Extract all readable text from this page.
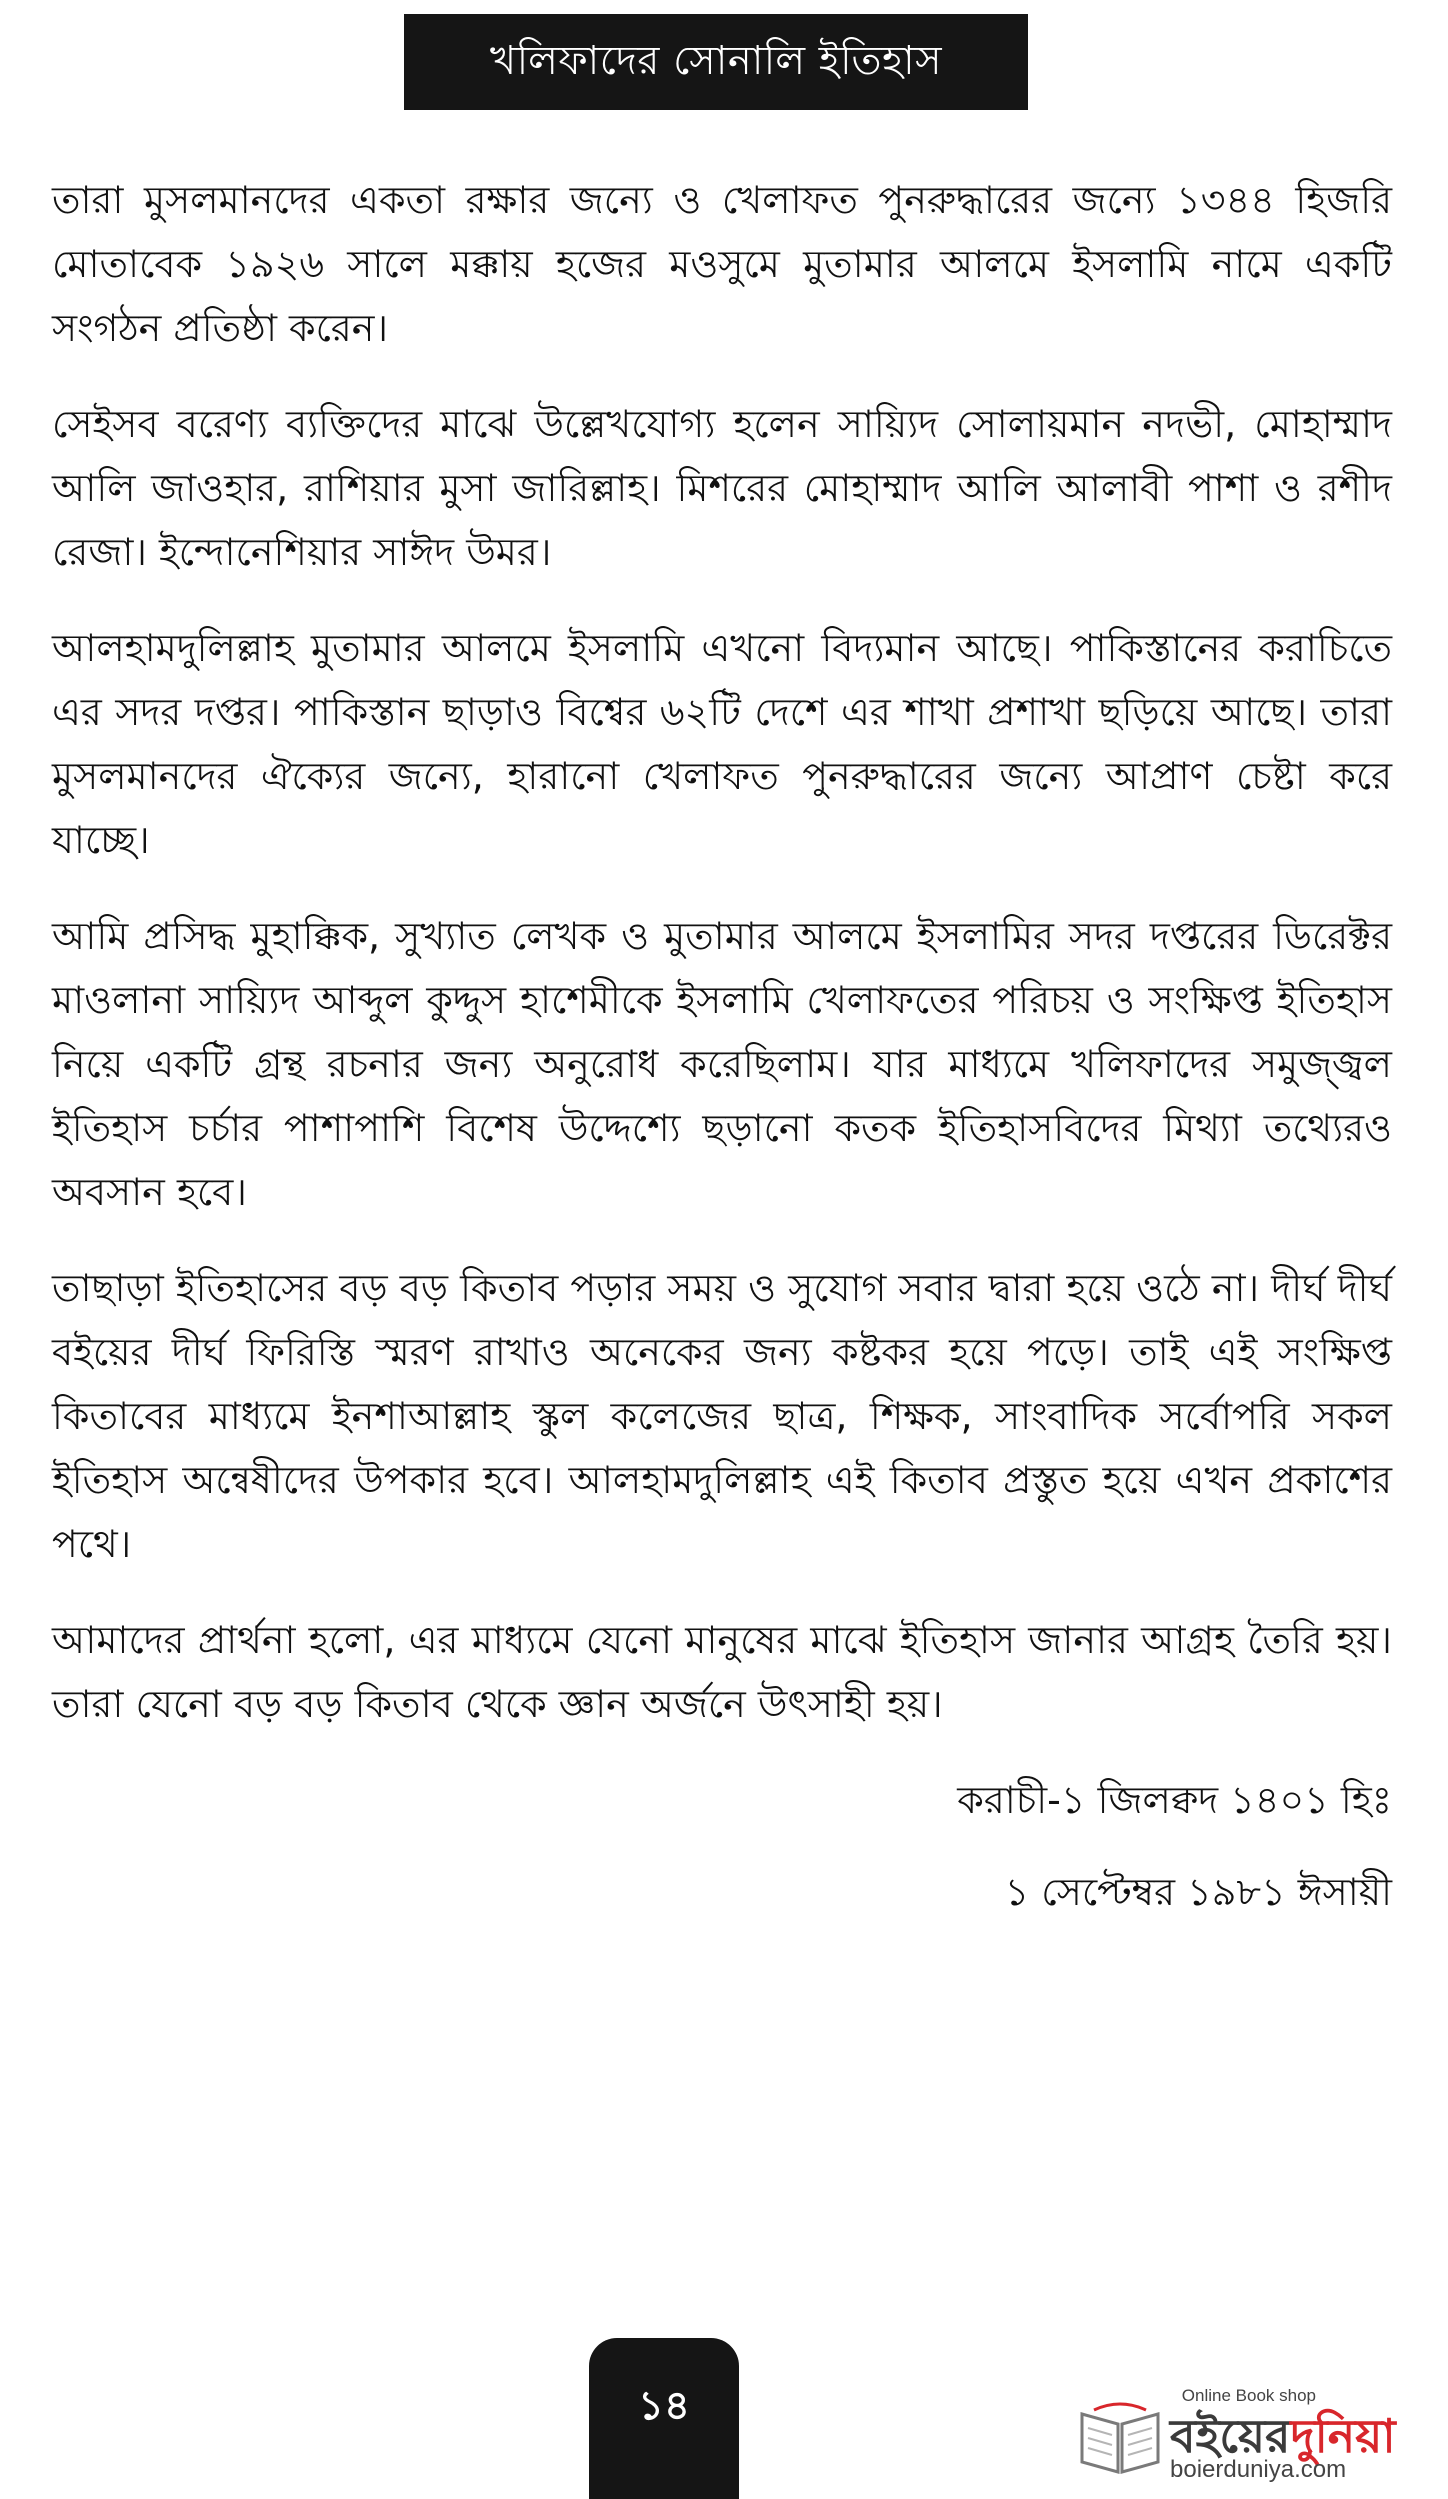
খলিফাদের সোনালি ইতিহাস

তারা মুসলমানদের একতা রক্ষার জন্যে ও খেলাফত পুনরুদ্ধারের জন্যে ১৩৪৪ হিজরি মোতাবেক ১৯২৬ সালে মক্কায় হজের মওসুমে মুতামার আলমে ইসলামি নামে একটি সংগঠন প্রতিষ্ঠা করেন।

সেইসব বরেণ্য ব্যক্তিদের মাঝে উল্লেখযোগ্য হলেন সায়্যিদ সোলায়মান নদভী, মোহাম্মাদ আলি জাওহার, রাশিয়ার মুসা জারিল্লাহ। মিশরের মোহাম্মাদ আলি আলাবী পাশা ও রশীদ রেজা। ইন্দোনেশিয়ার সাঈদ উমর।

আলহামদুলিল্লাহ মুতামার আলমে ইসলামি এখনো বিদ্যমান আছে। পাকিস্তানের করাচিতে এর সদর দপ্তর। পাকিস্তান ছাড়াও বিশ্বের ৬২টি দেশে এর শাখা প্রশাখা ছড়িয়ে আছে। তারা মুসলমানদের ঐক্যের জন্যে, হারানো খেলাফত পুনরুদ্ধারের জন্যে আপ্রাণ চেষ্টা করে যাচ্ছে।

আমি প্রসিদ্ধ মুহাক্কিক, সুখ্যাত লেখক ও মুতামার আলমে ইসলামির সদর দপ্তরের ডিরেক্টর মাওলানা সায়্যিদ আব্দুল কুদ্দুস হাশেমীকে ইসলামি খেলাফতের পরিচয় ও সংক্ষিপ্ত ইতিহাস নিয়ে একটি গ্রন্থ রচনার জন্য অনুরোধ করেছিলাম। যার মাধ্যমে খলিফাদের সমুজ্জ্বল ইতিহাস চর্চার পাশাপাশি বিশেষ উদ্দেশ্যে ছড়ানো কতক ইতিহাসবিদের মিথ্যা তথ্যেরও অবসান হবে।

তাছাড়া ইতিহাসের বড় বড় কিতাব পড়ার সময় ও সুযোগ সবার দ্বারা হয়ে ওঠে না। দীর্ঘ দীর্ঘ বইয়ের দীর্ঘ ফিরিস্তি স্মরণ রাখাও অনেকের জন্য কষ্টকর হয়ে পড়ে। তাই এই সংক্ষিপ্ত কিতাবের মাধ্যমে ইনশাআল্লাহ স্কুল কলেজের ছাত্র, শিক্ষক, সাংবাদিক সর্বোপরি সকল ইতিহাস অন্বেষীদের উপকার হবে। আলহামদুলিল্লাহ এই কিতাব প্রস্তুত হয়ে এখন প্রকাশের পথে।

আমাদের প্রার্থনা হলো, এর মাধ্যমে যেনো মানুষের মাঝে ইতিহাস জানার আগ্রহ তৈরি হয়। তারা যেনো বড় বড় কিতাব থেকে জ্ঞান অর্জনে উৎসাহী হয়।

করাচী-১ জিলক্বদ ১৪০১ হিঃ

১ সেপ্টেম্বর ১৯৮১ ঈসায়ী

১৪	Online Book shop
বইয়েরদুনিয়া
boierduniya.com
